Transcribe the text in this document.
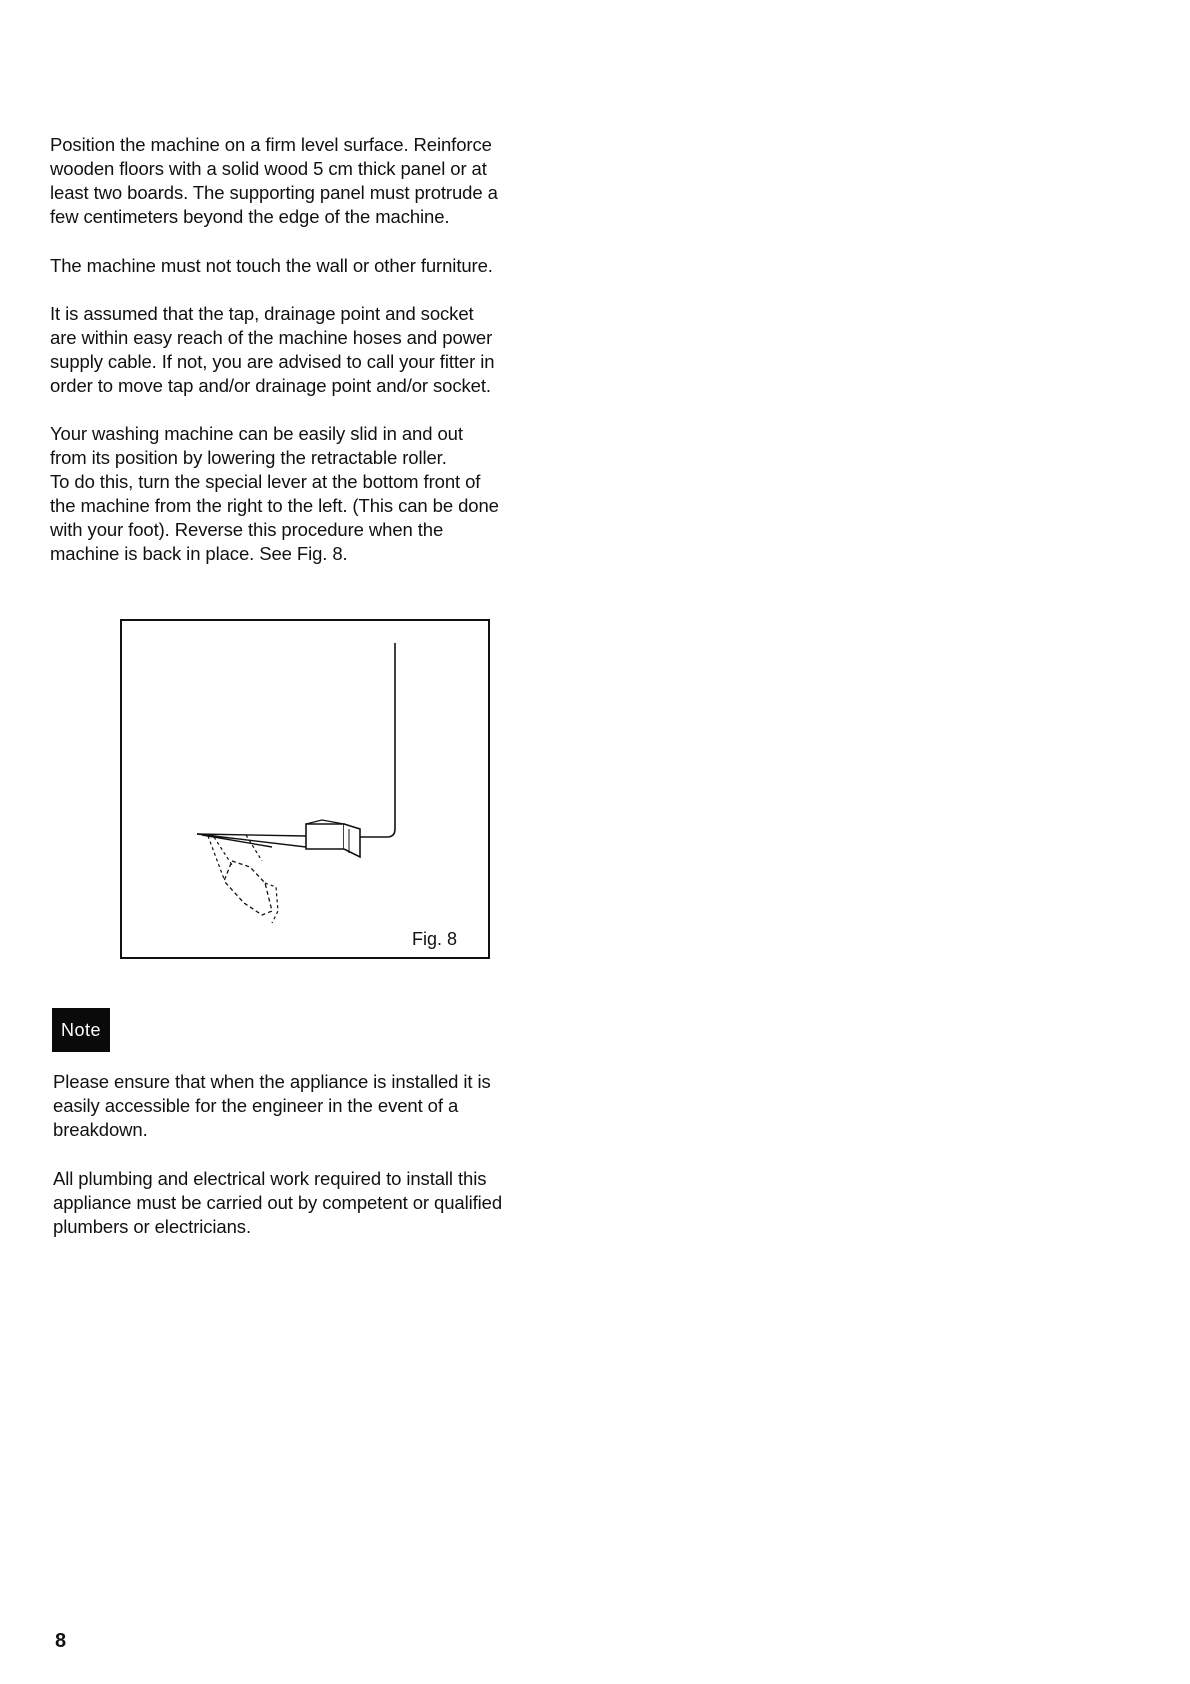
Position the machine on a firm level surface. Reinforce
wooden floors with a solid wood 5 cm thick panel or at
least two boards. The supporting panel must protrude a
few centimeters beyond the edge of the machine.

The machine must not touch the wall or other furniture.

It is assumed that the tap, drainage point and socket
are within easy reach of the machine hoses and power
supply cable. If not, you are advised to call your fitter in
order to move tap and/or drainage point and/or socket.

Your washing machine can be easily slid in and out
from its position by lowering the retractable roller.
To do this, turn the special lever at the bottom front of
the machine from the right to the left. (This can be done
with your foot). Reverse this procedure when the
machine is back in place. See Fig. 8.

Fig. 8
Note

Please ensure that when the appliance is installed it is
easily accessible for the engineer in the event of a
breakdown.

All plumbing and electrical work required to install this
appliance must be carried out by competent or qualified
plumbers or electricians.

8
